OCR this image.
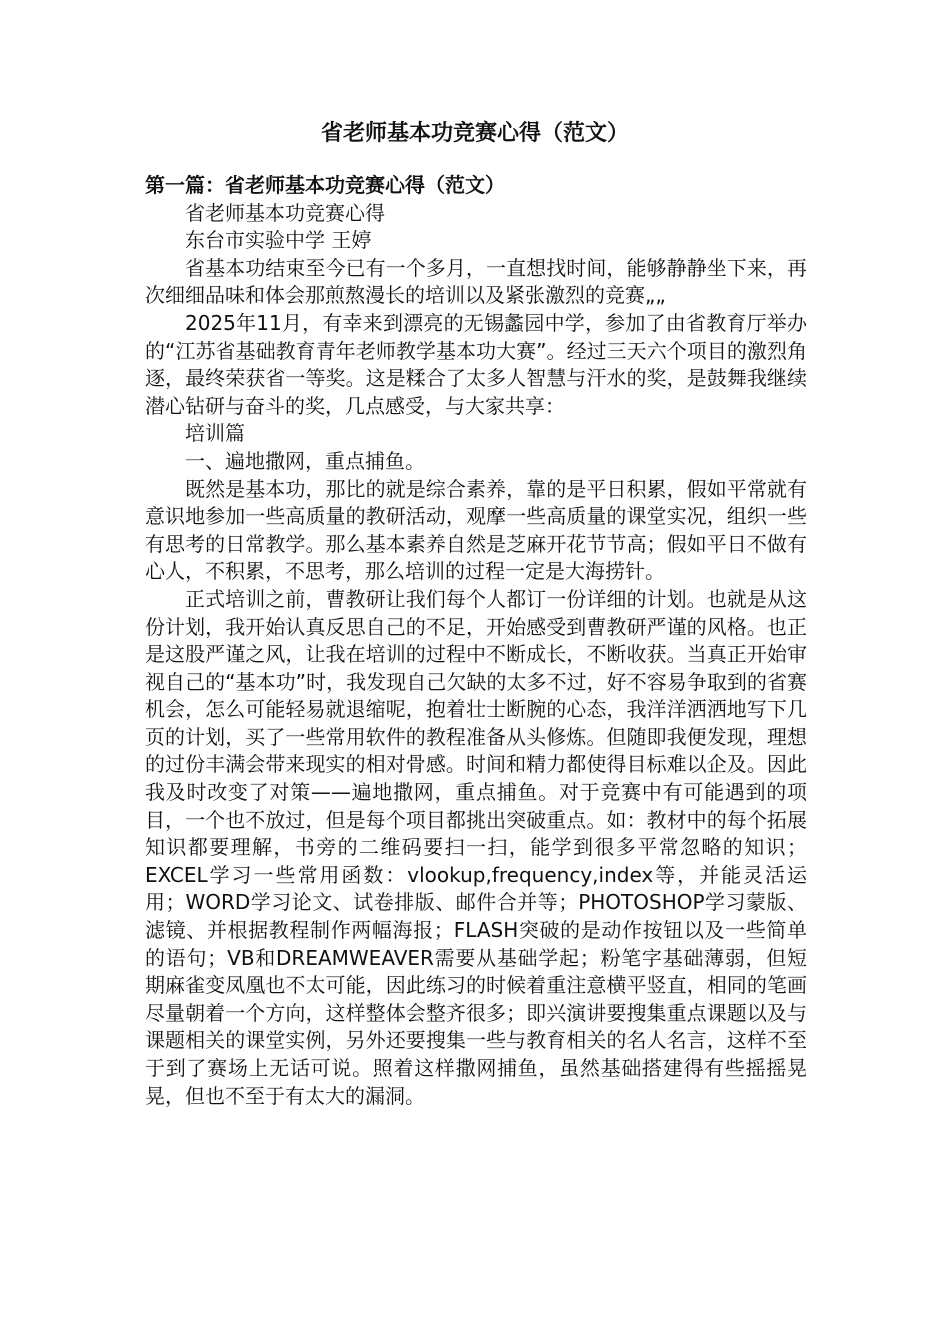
省老师基本功竞赛心得（范文）

第一篇：省老师基本功竞赛心得（范文）

省老师基本功竞赛心得

东台市实验中学 王婷

省基本功结束至今已有一个多月，一直想找时间，能够静静坐下来，再次细细品味和体会那煎熬漫长的培训以及紧张激烈的竞赛„„

2025年11月，有幸来到漂亮的无锡蠡园中学，参加了由省教育厅举办的“江苏省基础教育青年老师教学基本功大赛”。经过三天六个项目的激烈角逐，最终荣获省一等奖。这是糅合了太多人智慧与汗水的奖，是鼓舞我继续潜心钻研与奋斗的奖，几点感受，与大家共享：

培训篇

一、遍地撒网，重点捕鱼。

既然是基本功，那比的就是综合素养，靠的是平日积累，假如平常就有意识地参加一些高质量的教研活动，观摩一些高质量的课堂实况，组织一些有思考的日常教学。那么基本素养自然是芝麻开花节节高；假如平日不做有心人，不积累，不思考，那么培训的过程一定是大海捞针。

正式培训之前，曹教研让我们每个人都订一份详细的计划。也就是从这份计划，我开始认真反思自己的不足，开始感受到曹教研严谨的风格。也正是这股严谨之风，让我在培训的过程中不断成长，不断收获。当真正开始审视自己的“基本功”时，我发现自己欠缺的太多不过，好不容易争取到的省赛机会，怎么可能轻易就退缩呢，抱着壮士断腕的心态，我洋洋洒洒地写下几页的计划，买了一些常用软件的教程准备从头修炼。但随即我便发现，理想的过份丰满会带来现实的相对骨感。时间和精力都使得目标难以企及。因此我及时改变了对策——遍地撒网，重点捕鱼。对于竞赛中有可能遇到的项目，一个也不放过，但是每个项目都挑出突破重点。如：教材中的每个拓展知识都要理解，书旁的二维码要扫一扫，能学到很多平常忽略的知识；EXCEL学习一些常用函数：vlookup,frequency,index等，并能灵活运用；WORD学习论文、试卷排版、邮件合并等；PHOTOSHOP学习蒙版、滤镜、并根据教程制作两幅海报；FLASH突破的是动作按钮以及一些简单的语句；VB和DREAMWEAVER需要从基础学起；粉笔字基础薄弱，但短期麻雀变凤凰也不太可能，因此练习的时候着重注意横平竖直，相同的笔画尽量朝着一个方向，这样整体会整齐很多；即兴演讲要搜集重点课题以及与课题相关的课堂实例，另外还要搜集一些与教育相关的名人名言，这样不至于到了赛场上无话可说。照着这样撒网捕鱼，虽然基础搭建得有些摇摇晃晃，但也不至于有太大的漏洞。
